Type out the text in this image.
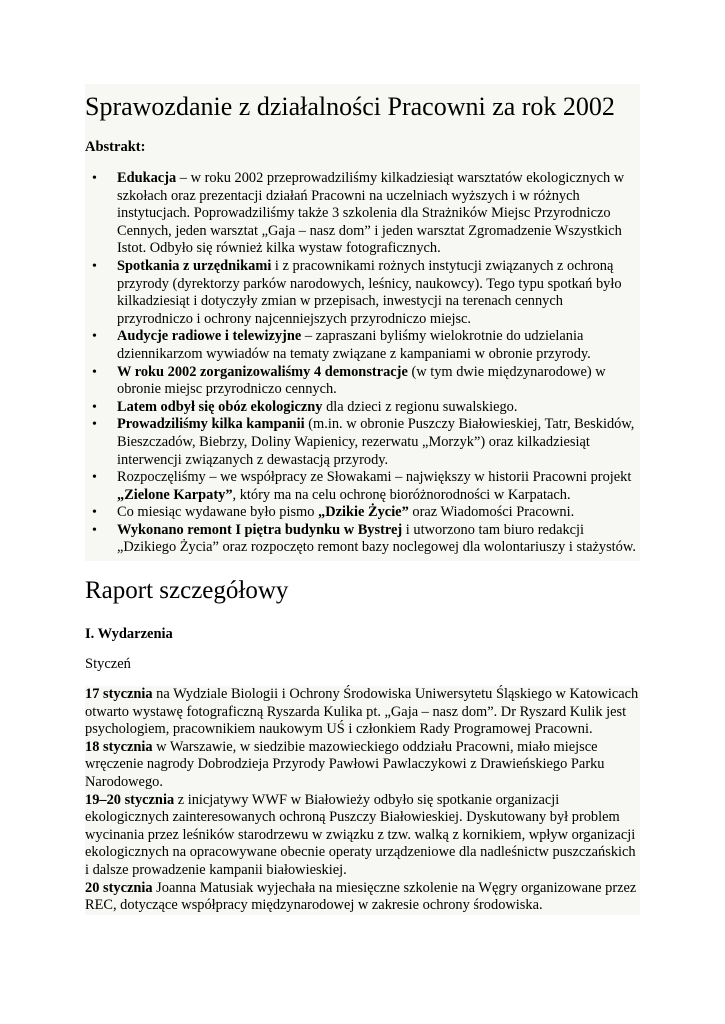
Sprawozdanie z działalności Pracowni za rok 2002

Abstrakt:

• Edukacja – w roku 2002 przeprowadziliśmy kilkadziesiąt warsztatów ekologicznych w szkołach oraz prezentacji działań Pracowni na uczelniach wyższych i w różnych instytucjach. Poprowadziliśmy także 3 szkolenia dla Strażników Miejsc Przyrodniczo Cennych, jeden warsztat „Gaja – nasz dom” i jeden warsztat Zgromadzenie Wszystkich Istot. Odbyło się również kilka wystaw fotograficznych.
• Spotkania z urzędnikami i z pracownikami rożnych instytucji związanych z ochroną przyrody (dyrektorzy parków narodowych, leśnicy, naukowcy). Tego typu spotkań było kilkadziesiąt i dotyczyły zmian w przepisach, inwestycji na terenach cennych przyrodniczo i ochrony najcenniejszych przyrodniczo miejsc.
• Audycje radiowe i telewizyjne – zapraszani byliśmy wielokrotnie do udzielania dziennikarzom wywiadów na tematy związane z kampaniami w obronie przyrody.
• W roku 2002 zorganizowaliśmy 4 demonstracje (w tym dwie międzynarodowe) w obronie miejsc przyrodniczo cennych.
• Latem odbył się obóz ekologiczny dla dzieci z regionu suwalskiego.
• Prowadziliśmy kilka kampanii (m.in. w obronie Puszczy Białowieskiej, Tatr, Beskidów, Bieszczadów, Biebrzy, Doliny Wapienicy, rezerwatu „Morzyk”) oraz kilkadziesiąt interwencji związanych z dewastacją przyrody.
• Rozpoczęliśmy – we współpracy ze Słowakami – największy w historii Pracowni projekt „Zielone Karpaty”, który ma na celu ochronę bioróżnorodności w Karpatach.
• Co miesiąc wydawane było pismo „Dzikie Życie” oraz Wiadomości Pracowni.
• Wykonano remont I piętra budynku w Bystrej i utworzono tam biuro redakcji „Dzikiego Życia” oraz rozpoczęto remont bazy noclegowej dla wolontariuszy i stażystów.
Raport szczegółowy

I. Wydarzenia

Styczeń

17 stycznia na Wydziale Biologii i Ochrony Środowiska Uniwersytetu Śląskiego w Katowicach otwarto wystawę fotograficzną Ryszarda Kulika pt. „Gaja – nasz dom”. Dr Ryszard Kulik jest psychologiem, pracownikiem naukowym UŚ i członkiem Rady Programowej Pracowni.

18 stycznia w Warszawie, w siedzibie mazowieckiego oddziału Pracowni, miało miejsce wręczenie nagrody Dobrodzieja Przyrody Pawłowi Pawlaczykowi z Drawieńskiego Parku Narodowego.

19–20 stycznia z inicjatywy WWF w Białowieży odbyło się spotkanie organizacji ekologicznych zainteresowanych ochroną Puszczy Białowieskiej. Dyskutowany był problem wycinania przez leśników starodrzewu w związku z tzw. walką z kornikiem, wpływ organizacji ekologicznych na opracowywane obecnie operaty urządzeniowe dla nadleśnictw puszczańskich i dalsze prowadzenie kampanii białowieskiej.

20 stycznia Joanna Matusiak wyjechała na miesięczne szkolenie na Węgry organizowane przez REC, dotyczące współpracy międzynarodowej w zakresie ochrony środowiska.
